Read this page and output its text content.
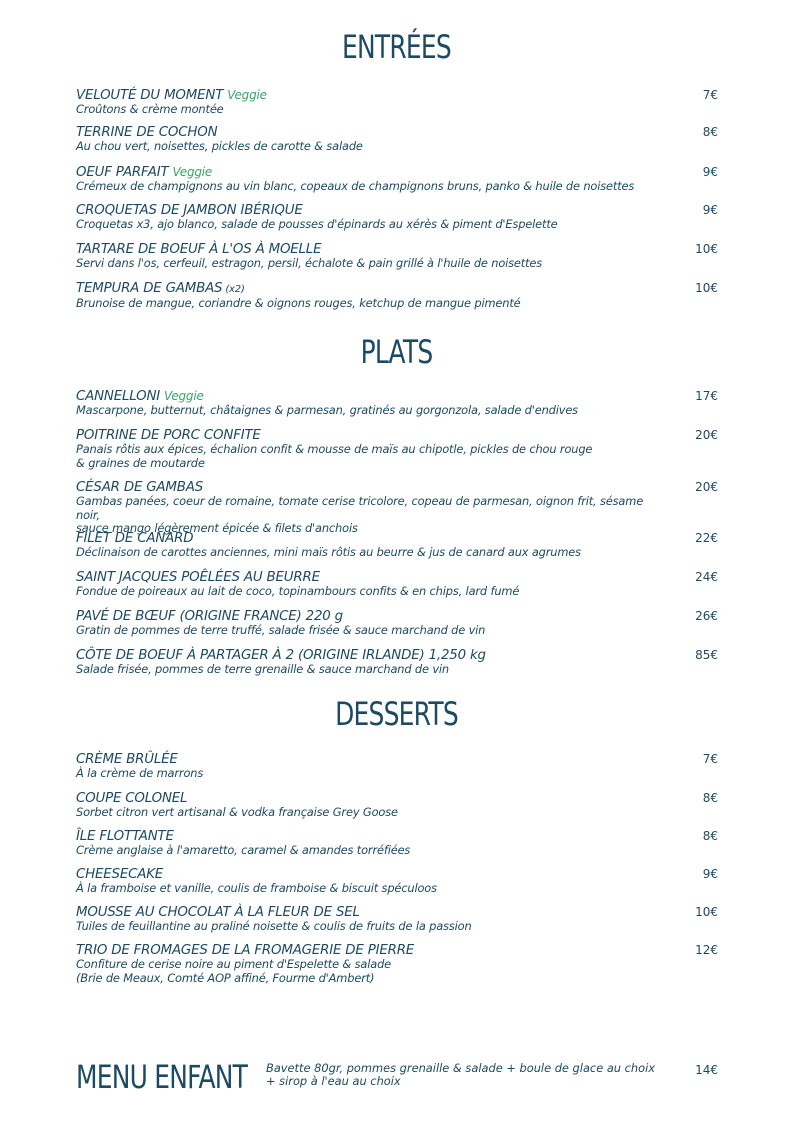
ENTRÉES
VELOUTÉ DU MOMENT Veggie
Croûtons & crème montée
7€
TERRINE DE COCHON
Au chou vert, noisettes, pickles de carotte & salade
8€
OEUF PARFAIT Veggie
Crémeux de champignons au vin blanc, copeaux de champignons bruns, panko & huile de noisettes
9€
CROQUETAS DE JAMBON IBÉRIQUE
Croquetas x3, ajo blanco, salade de pousses d'épinards au xérès & piment d'Espelette
9€
TARTARE DE BOEUF À L'OS À MOELLE
Servi dans l'os, cerfeuil, estragon, persil, échalote & pain grillé à l'huile de noisettes
10€
TEMPURA DE GAMBAS (x2)
Brunoise de mangue, coriandre & oignons rouges, ketchup de mangue pimenté
10€
PLATS
CANNELLONI Veggie
Mascarpone, butternut, châtaignes & parmesan, gratinés au gorgonzola, salade d'endives
17€
POITRINE DE PORC CONFITE
Panais rôtis aux épices, échalion confit & mousse de maïs au chipotle, pickles de chou rouge
& graines de moutarde
20€
CÉSAR DE GAMBAS
Gambas panées, coeur de romaine, tomate cerise tricolore, copeau de parmesan, oignon frit, sésame noir,
sauce mango légèrement épicée & filets d'anchois
20€
FILET DE CANARD
Déclinaison de carottes anciennes, mini maïs rôtis au beurre & jus de canard aux agrumes
22€
SAINT JACQUES POÊLÉES AU BEURRE
Fondue de poireaux au lait de coco, topinambours confits & en chips, lard fumé
24€
PAVÉ DE BŒUF (ORIGINE FRANCE) 220 g
Gratin de pommes de terre truffé, salade frisée & sauce marchand de vin
26€
CÔTE DE BOEUF À PARTAGER À 2 (ORIGINE IRLANDE) 1,250 kg
Salade frisée, pommes de terre grenaille & sauce marchand de vin
85€
DESSERTS
CRÈME BRÛLÉE
À la crème de marrons
7€
COUPE COLONEL
Sorbet citron vert artisanal & vodka française Grey Goose
8€
ÎLE FLOTTANTE
Crème anglaise à l'amaretto, caramel & amandes torréfiées
8€
CHEESECAKE
À la framboise et vanille, coulis de framboise & biscuit spéculoos
9€
MOUSSE AU CHOCOLAT À LA FLEUR DE SEL
Tuiles de feuillantine au praliné noisette & coulis de fruits de la passion
10€
TRIO DE FROMAGES DE LA FROMAGERIE DE PIERRE
Confiture de cerise noire au piment d'Espelette & salade
(Brie de Meaux, Comté AOP affiné, Fourme d'Ambert)
12€
MENU ENFANT Bavette 80gr, pommes grenaille & salade + boule de glace au choix
+ sirop à l'eau au choix
14€
